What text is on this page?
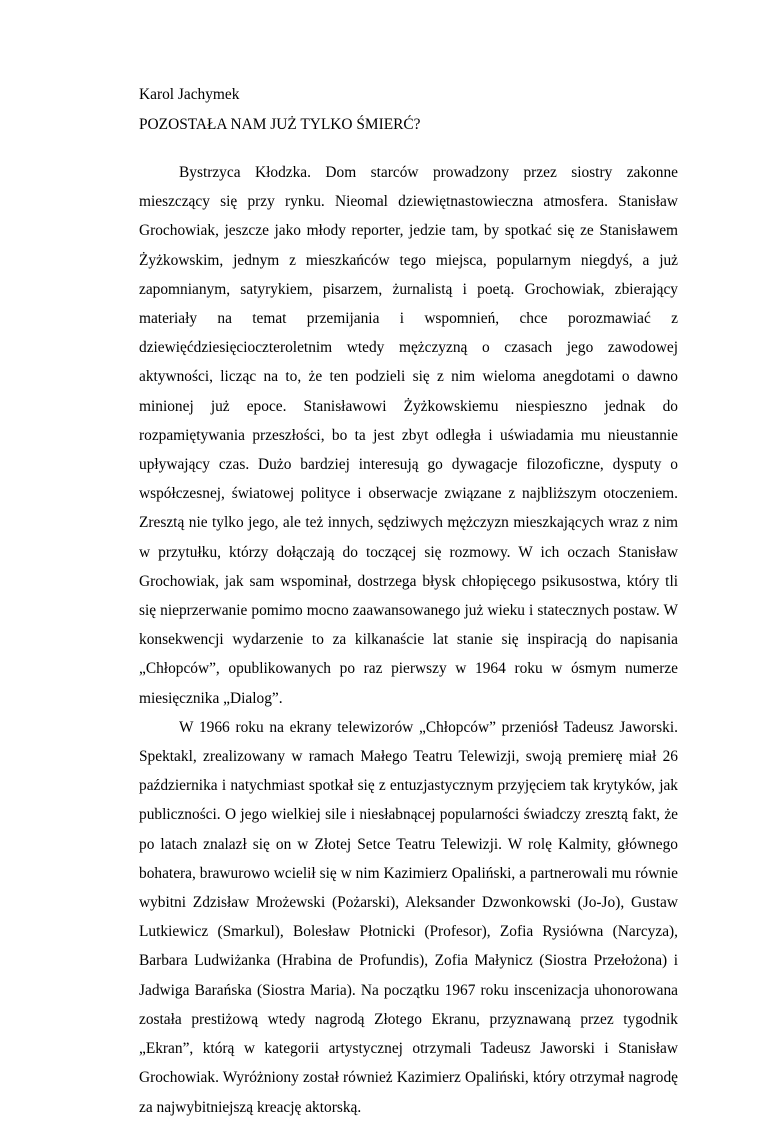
Karol Jachymek
POZOSTAŁA NAM JUŻ TYLKO ŚMIERĆ?

Bystrzyca Kłodzka. Dom starców prowadzony przez siostry zakonne mieszczący się przy rynku. Nieomal dziewiętnastowieczna atmosfera. Stanisław Grochowiak, jeszcze jako młody reporter, jedzie tam, by spotkać się ze Stanisławem Żyżkowskim, jednym z mieszkańców tego miejsca, popularnym niegdyś, a już zapomnianym, satyrykiem, pisarzem, żurnalistą i poetą. Grochowiak, zbierający materiały na temat przemijania i wspomnień, chce porozmawiać z dziewięćdziesięcioczteroletnim wtedy mężczyzną o czasach jego zawodowej aktywności, licząc na to, że ten podzieli się z nim wieloma anegdotami o dawno minionej już epoce. Stanisławowi Żyżkowskiemu niespieszno jednak do rozpamiętywania przeszłości, bo ta jest zbyt odległa i uświadamia mu nieustannie upływający czas. Dużo bardziej interesują go dywagacje filozoficzne, dysputy o współczesnej, światowej polityce i obserwacje związane z najbliższym otoczeniem. Zresztą nie tylko jego, ale też innych, sędziwych mężczyzn mieszkających wraz z nim w przytułku, którzy dołączają do toczącej się rozmowy. W ich oczach Stanisław Grochowiak, jak sam wspominał, dostrzega błysk chłopięcego psikusostwa, który tli się nieprzerwanie pomimo mocno zaawansowanego już wieku i statecznych postaw. W konsekwencji wydarzenie to za kilkanaście lat stanie się inspiracją do napisania „Chłopców”, opublikowanych po raz pierwszy w 1964 roku w ósmym numerze miesięcznika „Dialog”.

W 1966 roku na ekrany telewizorów „Chłopców” przeniósł Tadeusz Jaworski. Spektakl, zrealizowany w ramach Małego Teatru Telewizji, swoją premierę miał 26 października i natychmiast spotkał się z entuzjastycznym przyjęciem tak krytyków, jak publiczności. O jego wielkiej sile i niesłabnącej popularności świadczy zresztą fakt, że po latach znalazł się on w Złotej Setce Teatru Telewizji. W rolę Kalmity, głównego bohatera, brawurowo wcielił się w nim Kazimierz Opaliński, a partnerowali mu równie wybitni Zdzisław Mrożewski (Pożarski), Aleksander Dzwonkowski (Jo-Jo), Gustaw Lutkiewicz (Smarkul), Bolesław Płotnicki (Profesor), Zofia Rysiówna (Narcyza), Barbara Ludwiżanka (Hrabina de Profundis), Zofia Małynicz (Siostra Przełożona) i Jadwiga Barańska (Siostra Maria). Na początku 1967 roku inscenizacja uhonorowana została prestiżową wtedy nagrodą Złotego Ekranu, przyznawaną przez tygodnik „Ekran”, którą w kategorii artystycznej otrzymali Tadeusz Jaworski i Stanisław Grochowiak. Wyróżniony został również Kazimierz Opaliński, który otrzymał nagrodę za najwybitniejszą kreację aktorską.
